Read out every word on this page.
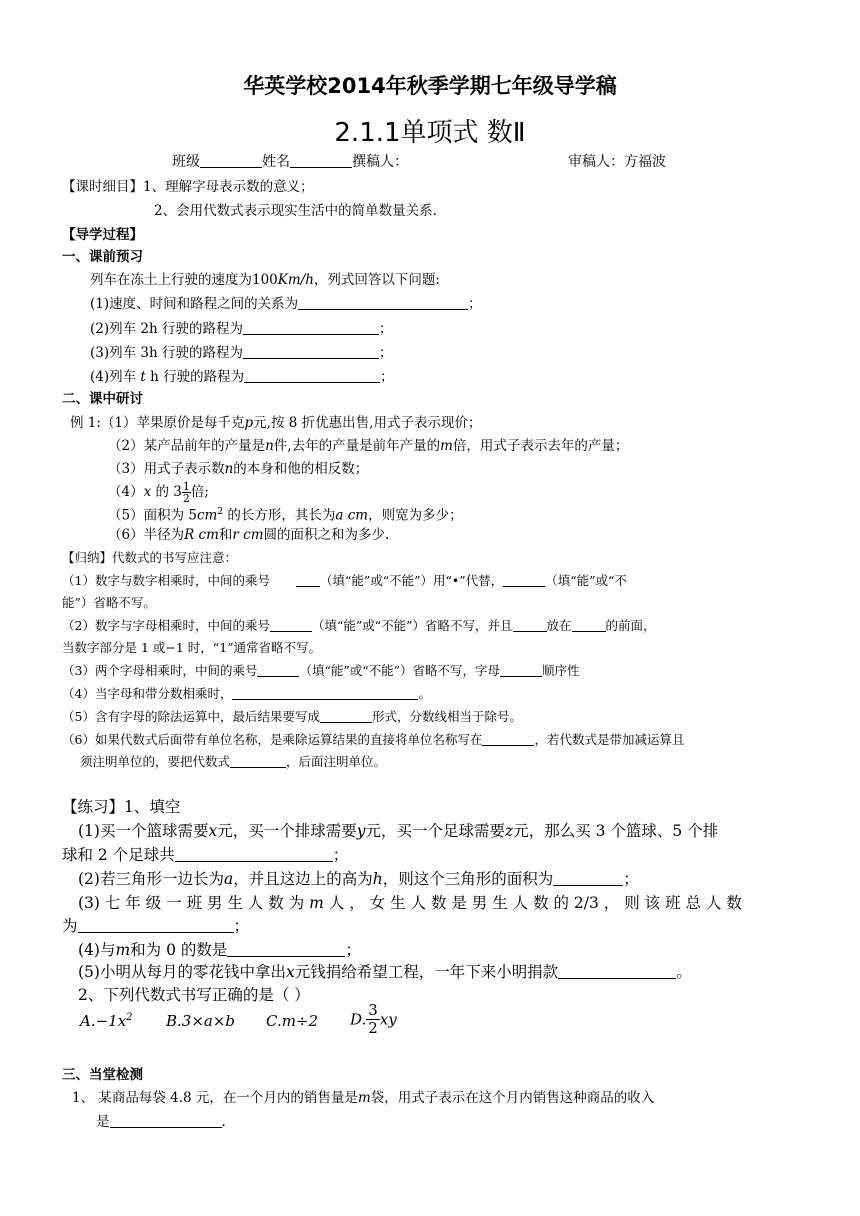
华英学校2014年秋季学期七年级导学稿
2.1.1单项式 数Ⅱ
班级	姓名	撰稿人：	审稿人：方福波
【课时细目】1、理解字母表示数的意义；
2、会用代数式表示现实生活中的简单数量关系.
【导学过程】
一、课前预习
列车在冻土上行驶的速度为100Km/h，列式回答以下问题:
(1)速度、时间和路程之间的关系为	；
(2)列车 2h 行驶的路程为	；
(3)列车 3h 行驶的路程为	；
(4)列车 t h 行驶的路程为	；
二、课中研讨
例 1:（1）苹果原价是每千克p元,按 8 折优惠出售,用式子表示现价；
（2）某产品前年的产量是n件,去年的产量是前年产量的m倍，用式子表示去年的产量；
（3）用式子表示数n的本身和他的相反数；
（4）x 的 $3 \frac{1}{2}$ 倍;
（5）面积为 $5cm^2$ 的长方形，其长为a cm，则宽为多少；
（6）半径为R cm和r cm圆的面积之和为多少.
【归纳】代数式的书写应注意：
（1）数字与数字相乘时，中间的乘号	（填“能”或“不能”）用“•”代替，	（填“能”或“不
能”）省略不写。
（2）数字与字母相乘时，中间的乘号	（填“能”或“不能”）省略不写，并且	放在	的前面，
当数字部分是 1 或−1 时，“1”通常省略不写。
（3）两个字母相乘时，中间的乘号	（填“能”或“不能”）省略不写，字母	顺序性
（4）当字母和带分数相乘时，	。
（5）含有字母的除法运算中，最后结果要写成	形式，分数线相当于除号。
（6）如果代数式后面带有单位名称，是乘除运算结果的直接将单位名称写在	，若代数式是带加减运算且
须注明单位的，要把代数式	，后面注明单位。
【练习】1、填空
(1)买一个篮球需要x元，买一个排球需要y元，买一个足球需要z元，那么买 3 个篮球、5 个排
球和 2 个足球共	；
(2)若三角形一边长为a，并且这边上的高为h，则这个三角形的面积为	；
(3) 七 年 级 一 班 男 生 人 数 为 m 人 ， 女 生 人 数 是 男 生 人 数 的 2/3 ， 则 该 班 总 人 数
为	；
(4)与m和为 0 的数是	；
(5)小明从每月的零花钱中拿出x元钱捐给希望工程，一年下来小明捐款	。
2、下列代数式书写正确的是（ ）
$A.-1x^2$ B.3×a×b C.m÷2 D. $\frac{3}{2}$ xy
三、当堂检测
1、 某商品每袋 4.8 元，在一个月内的销售量是m袋，用式子表示在这个月内销售这种商品的收入
是	.
